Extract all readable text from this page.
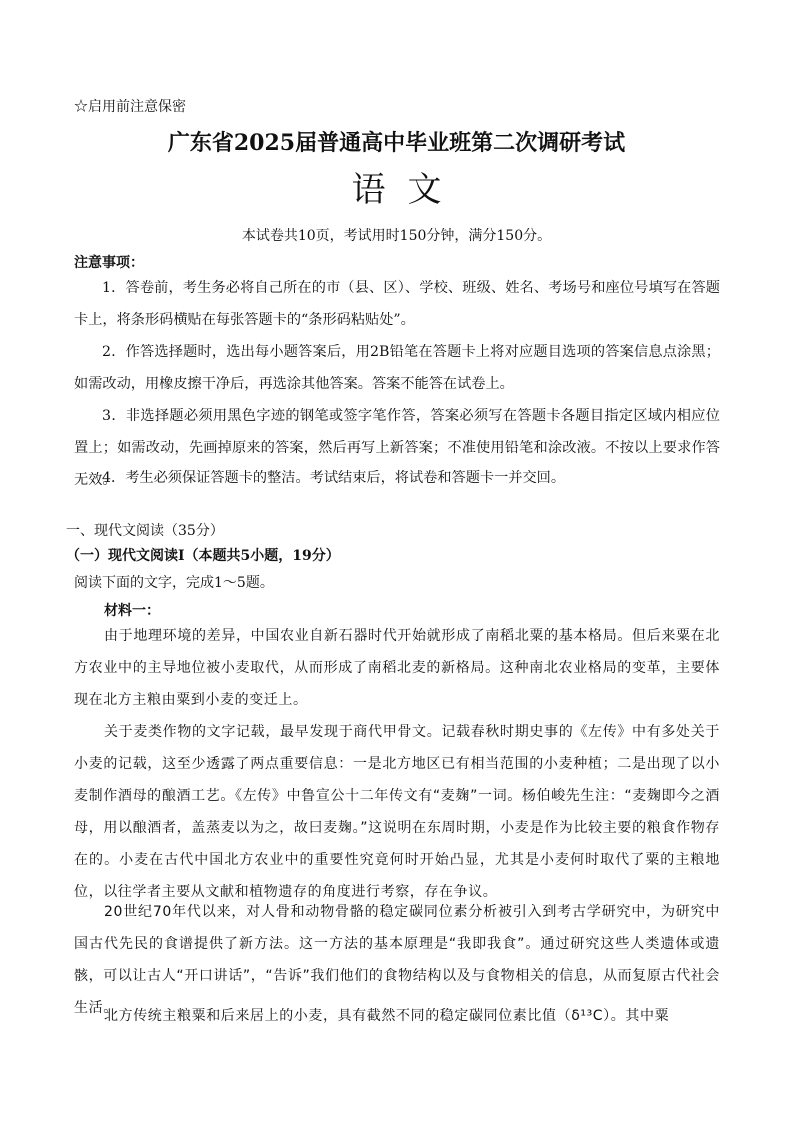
☆启用前注意保密
广东省2025届普通高中毕业班第二次调研考试
语文
本试卷共10页，考试用时150分钟，满分150分。
注意事项：
1．答卷前，考生务必将自己所在的市（县、区）、学校、班级、姓名、考场号和座位号填写在答题卡上，将条形码横贴在每张答题卡的“条形码粘贴处”。
2．作答选择题时，选出每小题答案后，用2B铅笔在答题卡上将对应题目选项的答案信息点涂黑；如需改动，用橡皮擦干净后，再选涂其他答案。答案不能答在试卷上。
3．非选择题必须用黑色字迹的钢笔或签字笔作答，答案必须写在答题卡各题目指定区域内相应位置上；如需改动，先画掉原来的答案，然后再写上新答案；不准使用铅笔和涂改液。不按以上要求作答无效。
4．考生必须保证答题卡的整洁。考试结束后，将试卷和答题卡一并交回。
一、现代文阅读（35分）
（一）现代文阅读Ⅰ（本题共5小题，19分）
阅读下面的文字，完成1～5题。
材料一：
由于地理环境的差异，中国农业自新石器时代开始就形成了南稻北粟的基本格局。但后来粟在北方农业中的主导地位被小麦取代，从而形成了南稻北麦的新格局。这种南北农业格局的变革，主要体现在北方主粮由粟到小麦的变迁上。
关于麦类作物的文字记载，最早发现于商代甲骨文。记载春秋时期史事的《左传》中有多处关于小麦的记载，这至少透露了两点重要信息：一是北方地区已有相当范围的小麦种植；二是出现了以小麦制作酒母的酿酒工艺。《左传》中鲁宣公十二年传文有“麦麹”一词。杨伯峻先生注：“麦麹即今之酒母，用以酿酒者，盖蒸麦以为之，故曰麦麹。”这说明在东周时期，小麦是作为比较主要的粮食作物存在的。小麦在古代中国北方农业中的重要性究竟何时开始凸显，尤其是小麦何时取代了粟的主粮地位，以往学者主要从文献和植物遗存的角度进行考察，存在争议。
20世纪70年代以来，对人骨和动物骨骼的稳定碳同位素分析被引入到考古学研究中，为研究中国古代先民的食谱提供了新方法。这一方法的基本原理是“我即我食”。通过研究这些人类遗体或遗骸，可以让古人“开口讲话”，“告诉”我们他们的食物结构以及与食物相关的信息，从而复原古代社会生活。
北方传统主粮粟和后来居上的小麦，具有截然不同的稳定碳同位素比值（δ¹³C）。其中粟
